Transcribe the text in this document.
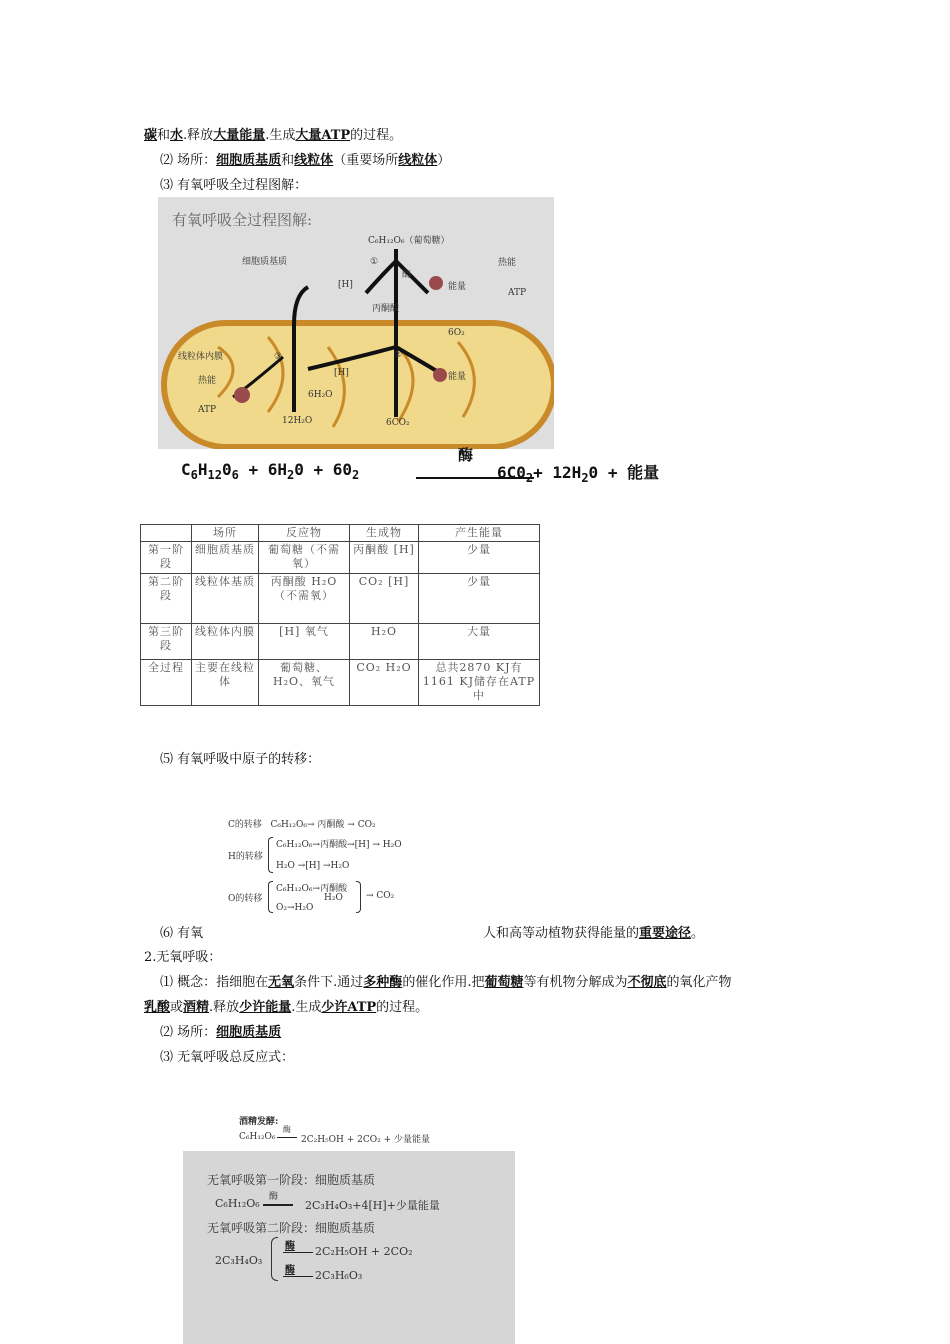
碳和水.释放大量能量.生成大量ATP的过程。
⑵ 场所：细胞质基质和线粒体（重要场所线粒体）
⑶ 有氧呼吸全过程图解：
有氧呼吸全过程图解:
C₆H₁₂O₆（葡萄糖）
细胞质基质	①
[H]
酶
丙酮酸
能量
热能
ATP
线粒体内膜
6O₂
③	②
[H]	能量
热能
ATP
12H₂O
6H₂O
6CO₂
酶
$C_6H_{12}0_6 + 6H_20 + 60_2$	$6C0_2+ 12H_20$ + 能量
	场所	反应物	生成物	产生能量
第一阶段	细胞质基质	葡萄糖（不需氧）	丙酮酸 [H]	少量
第二阶段	线粒体基质	丙酮酸 H₂O（不需氧）	CO₂ [H]	少量
第三阶段	线粒体内膜	[H] 氧气	H₂O	大量
全过程	主要在线粒体	葡萄糖、H₂O、氧气	CO₂ H₂O	总共2870 KJ有1161 KJ储存在ATP中
⑸ 有氧呼吸中原子的转移：
C的转移 C₆H₁₂O₆→ 丙酮酸 → CO₂
H的转移
C₆H₁₂O₆→丙酮酸→[H] → H₂O
H₂O →[H] →H₂O
O的转移
C₆H₁₂O₆→丙酮酸
H₂O
O₂→H₂O
→ CO₂
⑹ 有氧	人和高等动植物获得能量的重要途径。
2.无氧呼吸：
⑴ 概念：指细胞在无氧条件下.通过多种酶的催化作用.把葡萄糖等有机物分解成为不彻底的氧化产物
乳酸或酒精.释放少许能量.生成少许ATP的过程。
⑵ 场所：细胞质基质
⑶ 无氧呼吸总反应式：
酒精发酵:
C₆H₁₂O₆
酶
2C₂H₅OH + 2CO₂ + 少量能量
无氧呼吸第一阶段：细胞质基质
C₆H₁₂O₆ 酶
2C₃H₄O₃+4[H]+少量能量
无氧呼吸第二阶段：细胞质基质
2C₃H₄O₃
酶 2C₂H₅OH + 2CO₂
酶 2C₃H₆O₃
